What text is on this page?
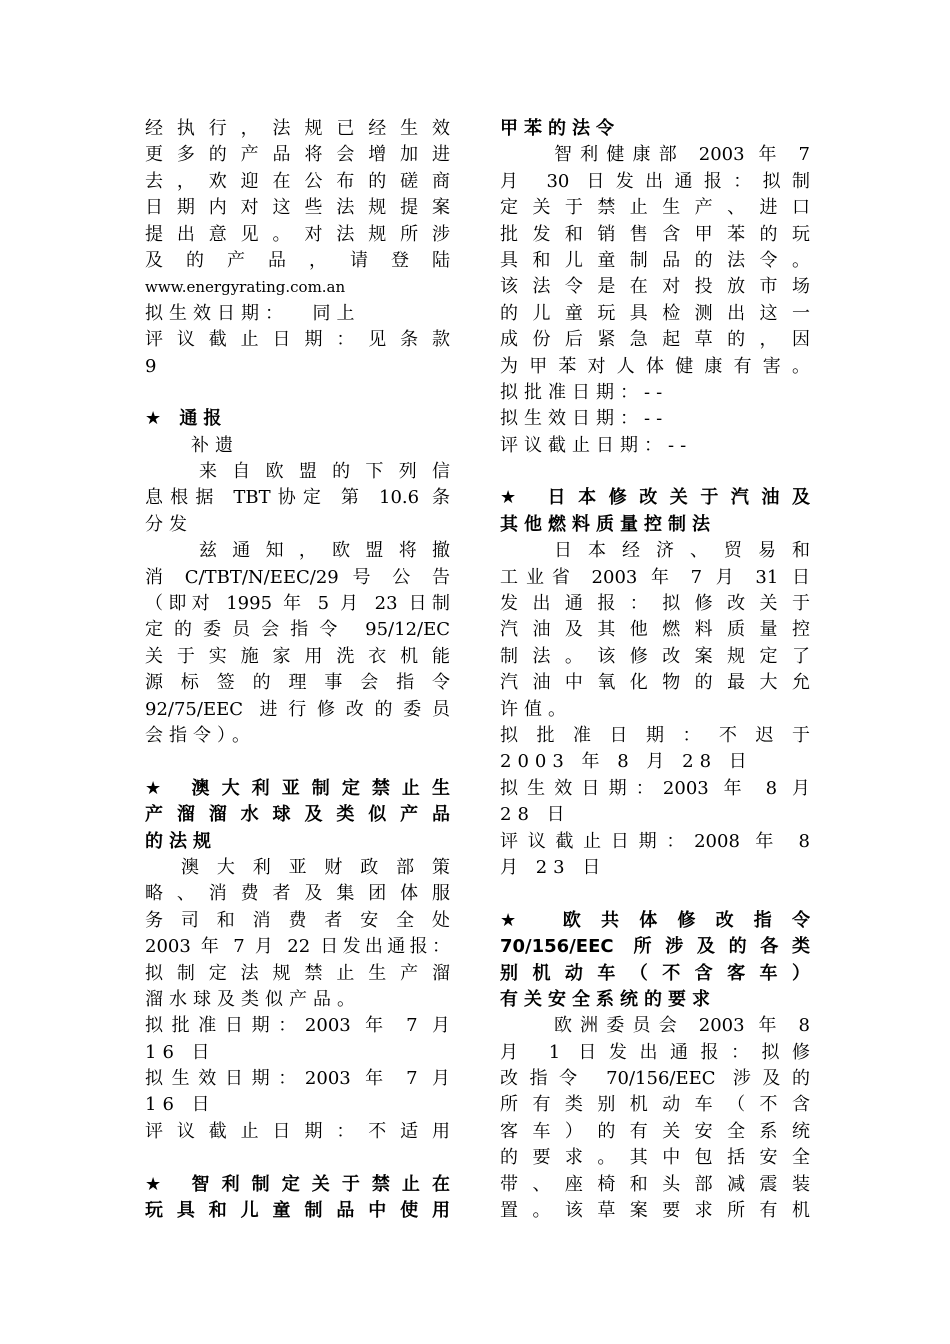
经执行，法规已经生效
更多的产品将会增加进
去，欢迎在公布的磋商
日期内对这些法规提案
提出意见。对法规所涉
及的产品，请登陆
www.energyrating.com.an
拟生效日期：  同上
评议截止日期：见条款
9
★ 通报
补遗
来自欧盟的下列信
息根据 TBT协定 第 10.6 条
分发
兹通知，欧盟将撤
消 C/TBT/N/EEC/29 号 公 告
（即对 1995 年 5 月 23 日制
定的委员会指令 95/12/EC
关于实施家用洗衣机能
源标签的理事会指令
92/75/EEC 进行修改的委员
会指令）。
★ 澳大利亚制定禁止生
产溜溜水球及类似产品
的法规
澳大利亚财政部策
略、消费者及集团体服
务司和消费者安全处
2003 年 7 月 22 日发出通报：
拟制定法规禁止生产溜
溜水球及类似产品。
拟批准日期：2003 年 7 月
16 日
拟生效日期：2003 年 7 月
16 日
评议截止日期：不适用
★ 智利制定关于禁止在
玩具和儿童制品中使用
甲苯的法令
智利健康部 2003 年 7
月 30 日发出通报：拟制
定关于禁止生产、进口
批发和销售含甲苯的玩
具和儿童制品的法令。
该法令是在对投放市场
的儿童玩具检测出这一
成份后紧急起草的，因
为甲苯对人体健康有害。
拟批准日期：--
拟生效日期：--
评议截止日期：--
★ 日本修改关于汽油及
其他燃料质量控制法
日本经济、贸易和
工业省 2003 年 7 月 31 日
发出通报：拟修改关于
汽油及其他燃料质量控
制法。该修改案规定了
汽油中氧化物的最大允
许值。
拟批准日期：不迟于
2003 年 8 月 28 日
拟生效日期：2003 年 8 月
28 日
评议截止日期：2008 年 8
月 23 日
★ 欧共体修改指令
70/156/EEC 所涉及的各类
别机动车（不含客车）
有关安全系统的要求
欧洲委员会 2003 年 8
月 1 日发出通报：拟修
改指令 70/156/EEC 涉及的
所有类别机动车（不含
客车）的有关安全系统
的要求。其中包括安全
带、座椅和头部减震装
置。该草案要求所有机
